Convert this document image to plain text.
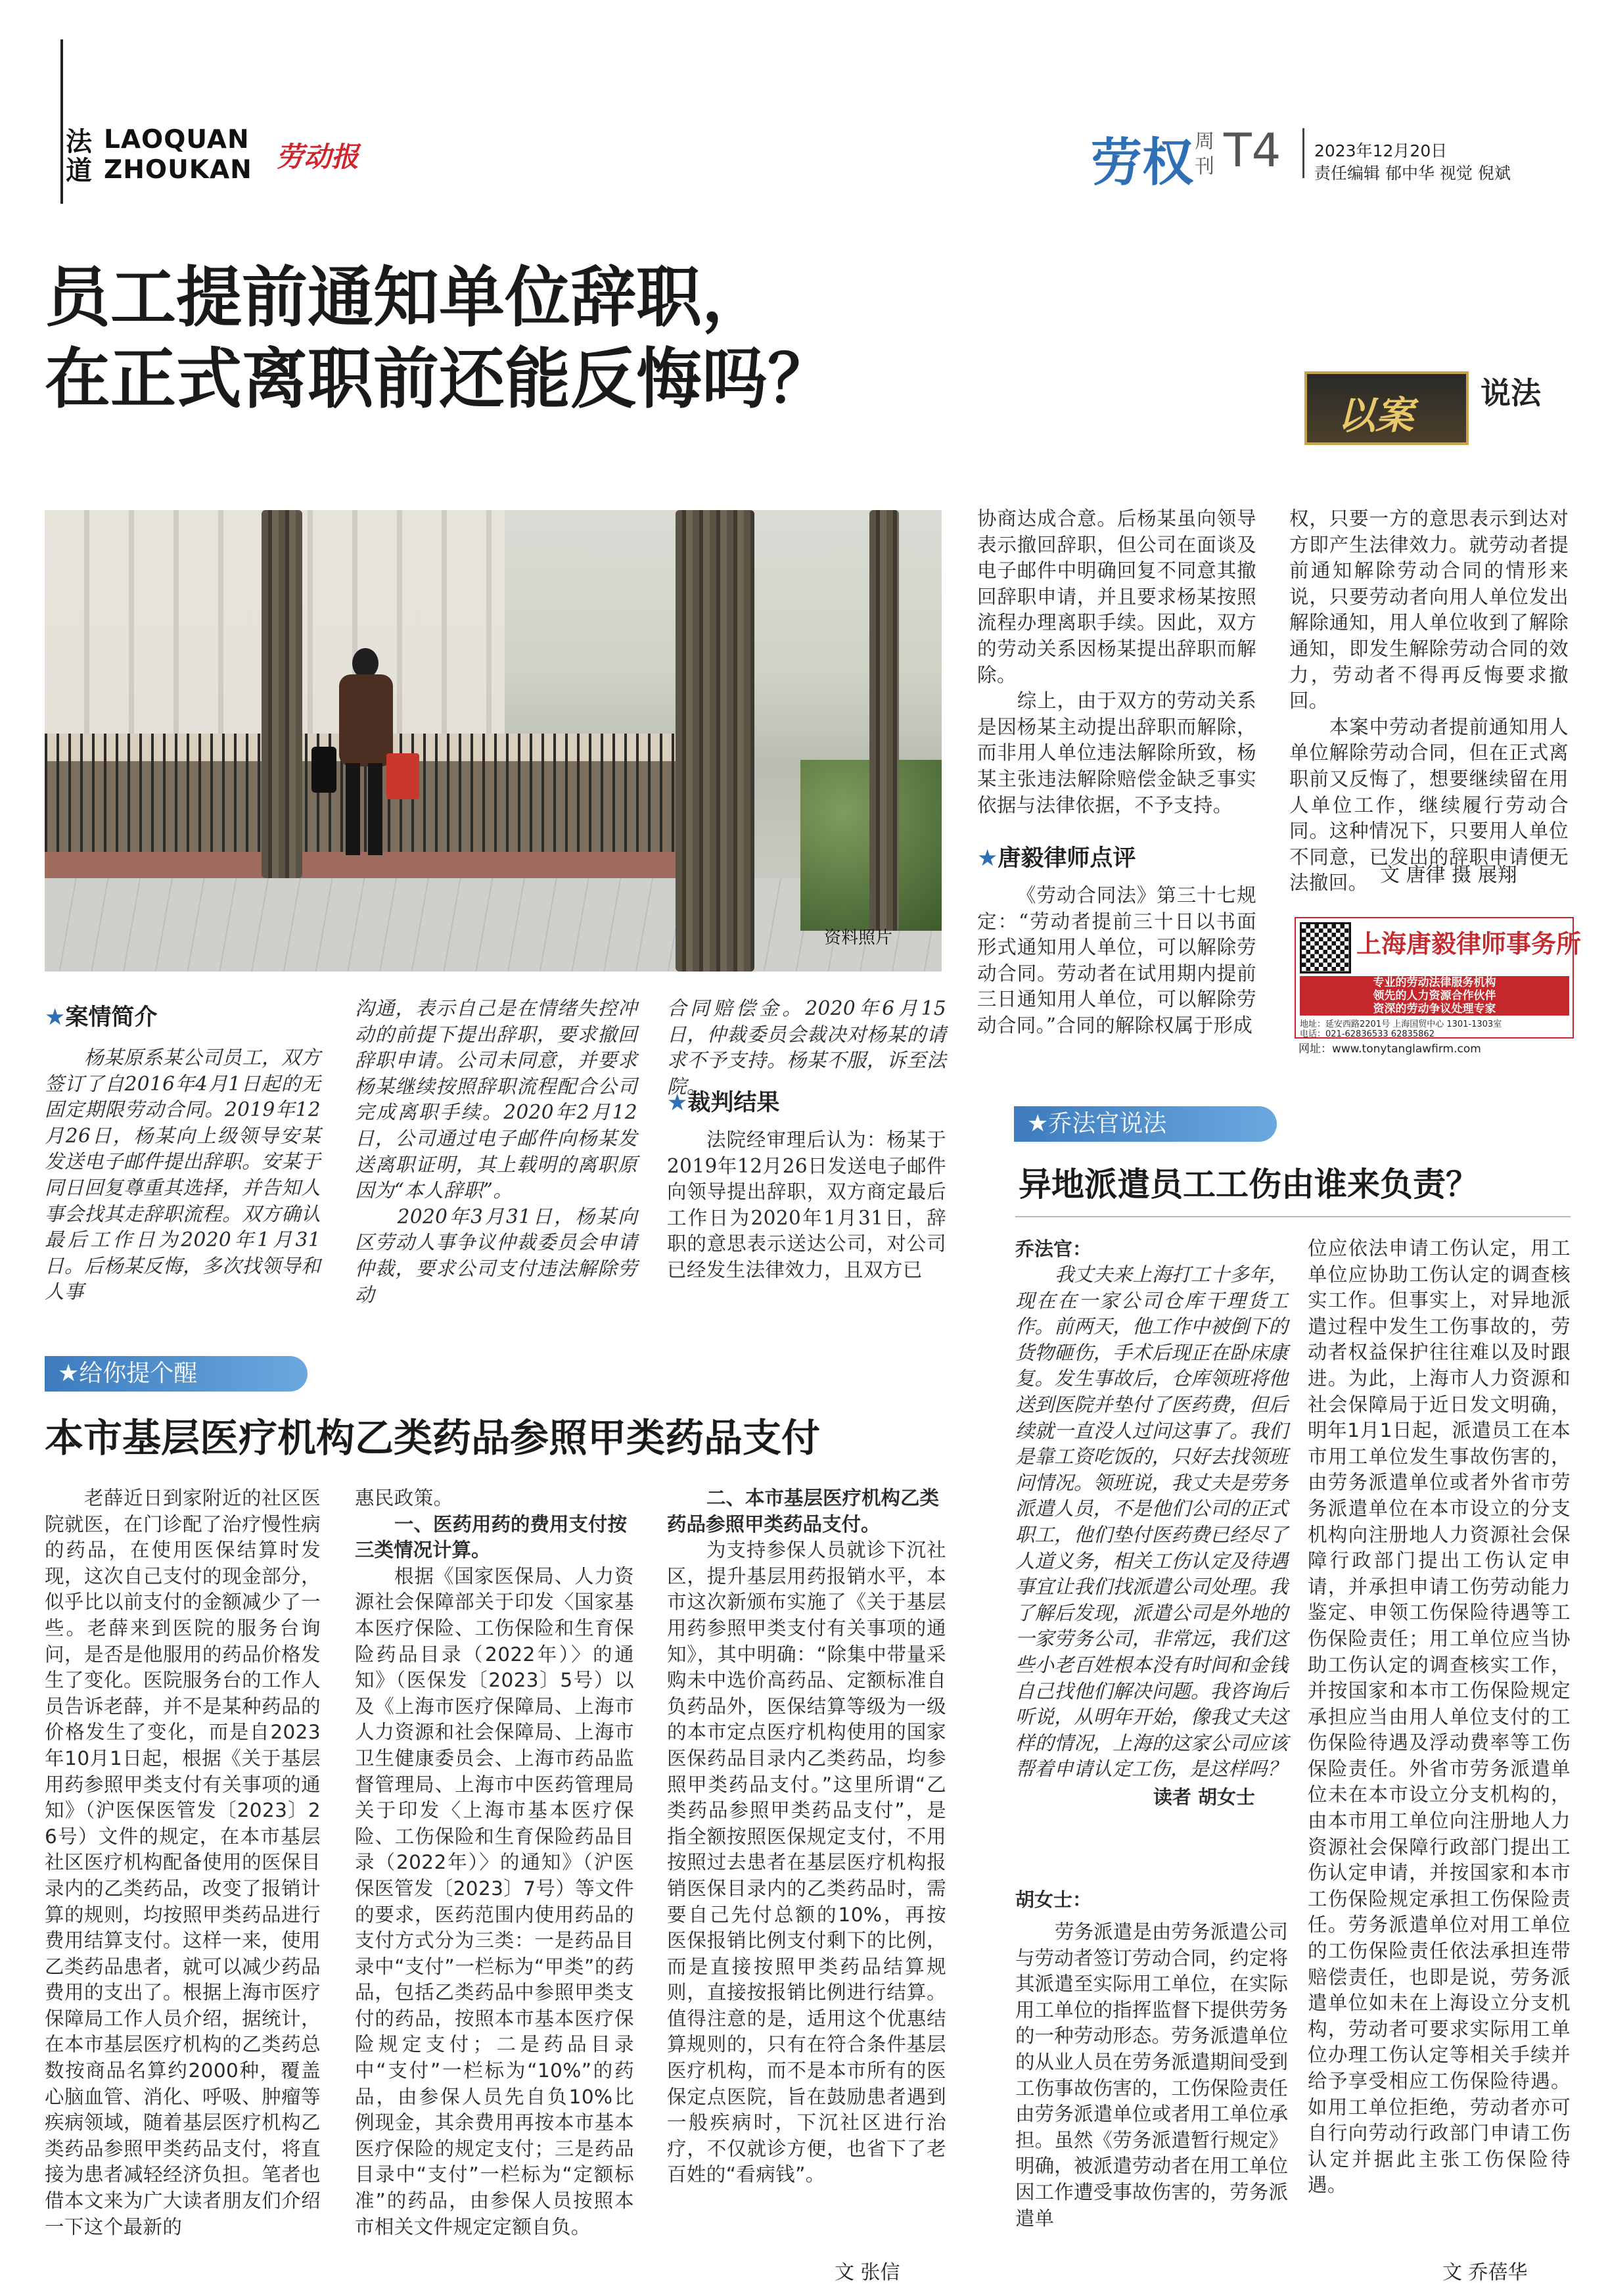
法
道
LAOQUAN
ZHOUKAN 劳动报	劳权 周
刊 T4 2023年12月20日
责任编辑 郁中华 视觉 倪斌
员工提前通知单位辞职，
在正式离职前还能反悔吗？	以案 说法
资料照片
★案情简介
杨某原系某公司员工，双方签订了自2016年4月1日起的无固定期限劳动合同。2019年12月26日，杨某向上级领导安某发送电子邮件提出辞职。安某于同日回复尊重其选择，并告知人事会找其走辞职流程。双方确认最后工作日为2020年1月31日。后杨某反悔，多次找领导和人事
沟通，表示自己是在情绪失控冲动的前提下提出辞职，要求撤回辞职申请。公司未同意，并要求杨某继续按照辞职流程配合公司完成离职手续。2020年2月12日，公司通过电子邮件向杨某发送离职证明，其上载明的离职原因为“本人辞职”。
　　2020年3月31日，杨某向区劳动人事争议仲裁委员会申请仲裁，要求公司支付违法解除劳动
合同赔偿金。2020年6月15日，仲裁委员会裁决对杨某的请求不予支持。杨某不服，诉至法院。
★裁判结果
法院经审理后认为：杨某于2019年12月26日发送电子邮件向领导提出辞职，双方商定最后工作日为2020年1月31日，辞职的意思表示送达公司，对公司已经发生法律效力，且双方已
协商达成合意。后杨某虽向领导表示撤回辞职，但公司在面谈及电子邮件中明确回复不同意其撤回辞职申请，并且要求杨某按照流程办理离职手续。因此，双方的劳动关系因杨某提出辞职而解除。
　　综上，由于双方的劳动关系是因杨某主动提出辞职而解除，而非用人单位违法解除所致，杨某主张违法解除赔偿金缺乏事实依据与法律依据，不予支持。
★唐毅律师点评
《劳动合同法》第三十七规定：“劳动者提前三十日以书面形式通知用人单位，可以解除劳动合同。劳动者在试用期内提前三日通知用人单位，可以解除劳动合同。”合同的解除权属于形成
权，只要一方的意思表示到达对方即产生法律效力。就劳动者提前通知解除劳动合同的情形来说，只要劳动者向用人单位发出解除通知，用人单位收到了解除通知，即发生解除劳动合同的效力，劳动者不得再反悔要求撤回。
　　本案中劳动者提前通知用人单位解除劳动合同，但在正式离职前又反悔了，想要继续留在用人单位工作，继续履行劳动合同。这种情况下，只要用人单位不同意，已发出的辞职申请便无法撤回。 文 唐律 摄 展翔
上海唐毅律师事务所
专业的劳动法律服务机构
领先的人力资源合作伙伴
资深的劳动争议处理专家
地址：延安西路2201号 上海国贸中心 1301-1303室
电话：021-62836533 62835862
网址：www.tonytanglawfirm.com
★乔法官说法
异地派遣员工工伤由谁来负责？
乔法官：
我丈夫来上海打工十多年，现在在一家公司仓库干理货工作。前两天，他工作中被倒下的货物砸伤，手术后现正在卧床康复。发生事故后，仓库领班将他送到医院并垫付了医药费，但后续就一直没人过问这事了。我们是靠工资吃饭的，只好去找领班问情况。领班说，我丈夫是劳务派遣人员，不是他们公司的正式职工，他们垫付医药费已经尽了人道义务，相关工伤认定及待遇事宜让我们找派遣公司处理。我了解后发现，派遣公司是外地的一家劳务公司，非常远，我们这些小老百姓根本没有时间和金钱自己找他们解决问题。我咨询后听说，从明年开始，像我丈夫这样的情况，上海的这家公司应该帮着申请认定工伤，是这样吗？
读者 胡女士
胡女士：
劳务派遣是由劳务派遣公司与劳动者签订劳动合同，约定将其派遣至实际用工单位，在实际用工单位的指挥监督下提供劳务的一种劳动形态。劳务派遣单位的从业人员在劳务派遣期间受到工伤事故伤害的，工伤保险责任由劳务派遣单位或者用工单位承担。虽然《劳务派遣暂行规定》明确，被派遣劳动者在用工单位因工作遭受事故伤害的，劳务派遣单
位应依法申请工伤认定，用工单位应协助工伤认定的调查核实工作。但事实上，对异地派遣过程中发生工伤事故的，劳动者权益保护往往难以及时跟进。为此，上海市人力资源和社会保障局于近日发文明确，明年1月1日起，派遣员工在本市用工单位发生事故伤害的，由劳务派遣单位或者外省市劳务派遣单位在本市设立的分支机构向注册地人力资源社会保障行政部门提出工伤认定申请，并承担申请工伤劳动能力鉴定、申领工伤保险待遇等工伤保险责任；用工单位应当协助工伤认定的调查核实工作，并按国家和本市工伤保险规定承担应当由用人单位支付的工伤保险待遇及浮动费率等工伤保险责任。外省市劳务派遣单位未在本市设立分支机构的，由本市用工单位向注册地人力资源社会保障行政部门提出工伤认定申请，并按国家和本市工伤保险规定承担工伤保险责任。劳务派遣单位对用工单位的工伤保险责任依法承担连带赔偿责任，也即是说，劳务派遣单位如未在上海设立分支机构，劳动者可要求实际用工单位办理工伤认定等相关手续并给予享受相应工伤保险待遇。如用工单位拒绝，劳动者亦可自行向劳动行政部门申请工伤认定并据此主张工伤保险待遇。
文 乔蓓华
★给你提个醒
本市基层医疗机构乙类药品参照甲类药品支付
老薛近日到家附近的社区医院就医，在门诊配了治疗慢性病的药品，在使用医保结算时发现，这次自己支付的现金部分，似乎比以前支付的金额减少了一些。老薛来到医院的服务台询问，是否是他服用的药品价格发生了变化。医院服务台的工作人员告诉老薛，并不是某种药品的价格发生了变化，而是自2023年10月1日起，根据《关于基层用药参照甲类支付有关事项的通知》（沪医保医管发〔2023〕26号）文件的规定，在本市基层社区医疗机构配备使用的医保目录内的乙类药品，改变了报销计算的规则，均按照甲类药品进行费用结算支付。这样一来，使用乙类药品患者，就可以减少药品费用的支出了。根据上海市医疗保障局工作人员介绍，据统计，在本市基层医疗机构的乙类药总数按商品名算约2000种，覆盖心脑血管、消化、呼吸、肿瘤等疾病领域，随着基层医疗机构乙类药品参照甲类药品支付，将直接为患者减轻经济负担。笔者也借本文来为广大读者朋友们介绍一下这个最新的
惠民政策。
一、医药用药的费用支付按三类情况计算。
根据《国家医保局、人力资源社会保障部关于印发〈国家基本医疗保险、工伤保险和生育保险药品目录（2022年）〉的通知》（医保发〔2023〕5号）以及《上海市医疗保障局、上海市人力资源和社会保障局、上海市卫生健康委员会、上海市药品监督管理局、上海市中医药管理局关于印发〈上海市基本医疗保险、工伤保险和生育保险药品目录（2022年）〉的通知》（沪医保医管发〔2023〕7号）等文件的要求，医药范围内使用药品的支付方式分为三类：一是药品目录中“支付”一栏标为“甲类”的药品，包括乙类药品中参照甲类支付的药品，按照本市基本医疗保险规定支付；二是药品目录中“支付”一栏标为“10%”的药品，由参保人员先自负10%比例现金，其余费用再按本市基本医疗保险的规定支付；三是药品目录中“支付”一栏标为“定额标准”的药品，由参保人员按照本市相关文件规定定额自负。
二、本市基层医疗机构乙类药品参照甲类药品支付。
为支持参保人员就诊下沉社区，提升基层用药报销水平，本市这次新颁布实施了《关于基层用药参照甲类支付有关事项的通知》，其中明确：“除集中带量采购未中选价高药品、定额标准自负药品外，医保结算等级为一级的本市定点医疗机构使用的国家医保药品目录内乙类药品，均参照甲类药品支付。”这里所谓“乙类药品参照甲类药品支付”，是指全额按照医保规定支付，不用按照过去患者在基层医疗机构报销医保目录内的乙类药品时，需要自己先付总额的10%，再按医保报销比例支付剩下的比例，而是直接按照甲类药品结算规则，直接按报销比例进行结算。值得注意的是，适用这个优惠结算规则的，只有在符合条件基层医疗机构，而不是本市所有的医保定点医院，旨在鼓励患者遇到一般疾病时，下沉社区进行治疗，不仅就诊方便，也省下了老百姓的“看病钱”。
文 张信
